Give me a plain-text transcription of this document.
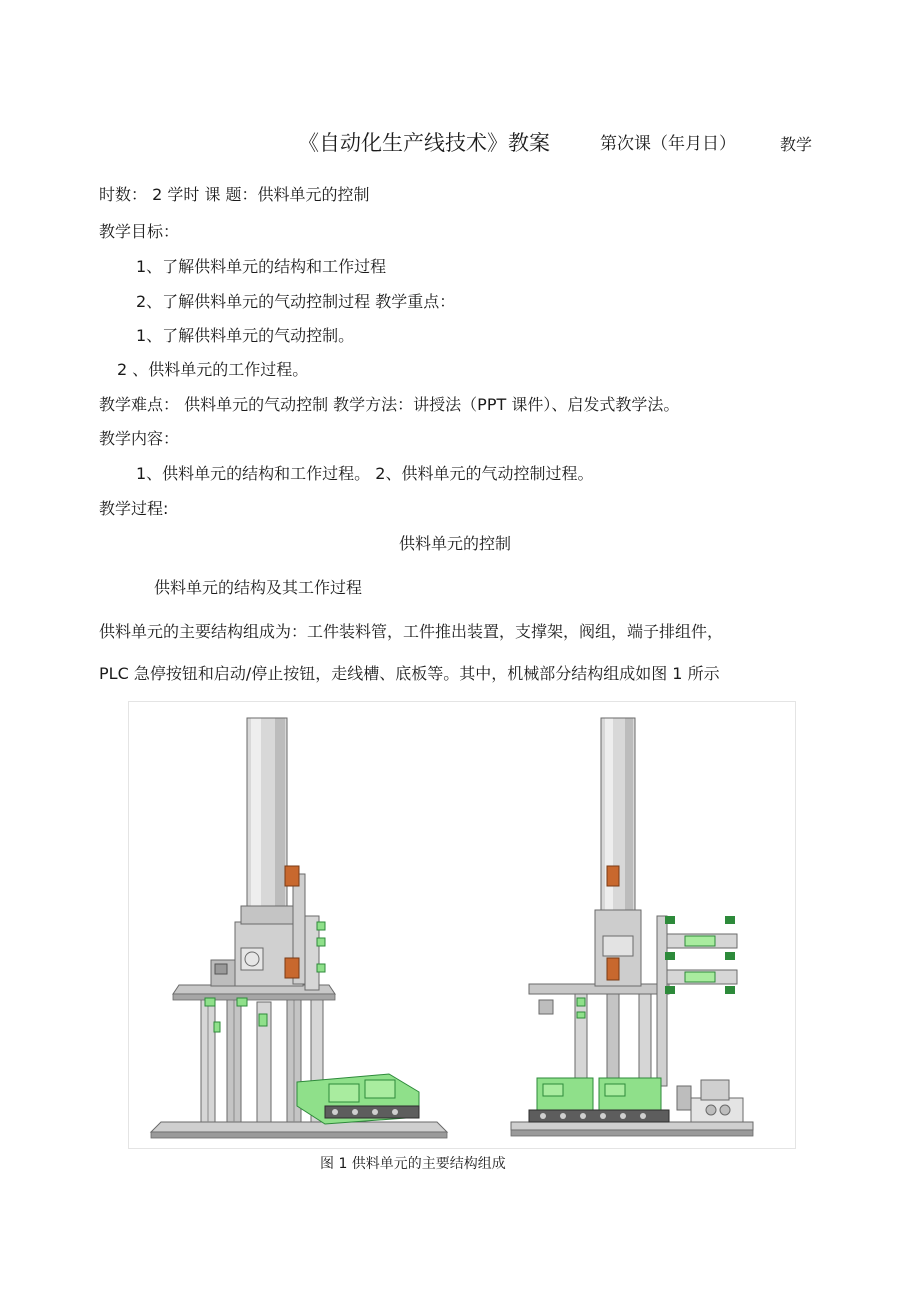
《自动化生产线技术》教案	第次课（年月日）	教学
时数： 2 学时 课 题：供料单元的控制
教学目标：
1、了解供料单元的结构和工作过程
2、了解供料单元的气动控制过程 教学重点：
1、了解供料单元的气动控制。
2 、供料单元的工作过程。
教学难点： 供料单元的气动控制 教学方法：讲授法（PPT 课件）、启发式教学法。
教学内容：
1、供料单元的结构和工作过程。 2、供料单元的气动控制过程。
教学过程:
供料单元的控制
供料单元的结构及其工作过程
供料单元的主要结构组成为：工件装料管，工件推出装置，支撑架，阀组，端子排组件，
PLC 急停按钮和启动/停止按钮，走线槽、底板等。其中，机械部分结构组成如图 1 所示
图 1 供料单元的主要结构组成
